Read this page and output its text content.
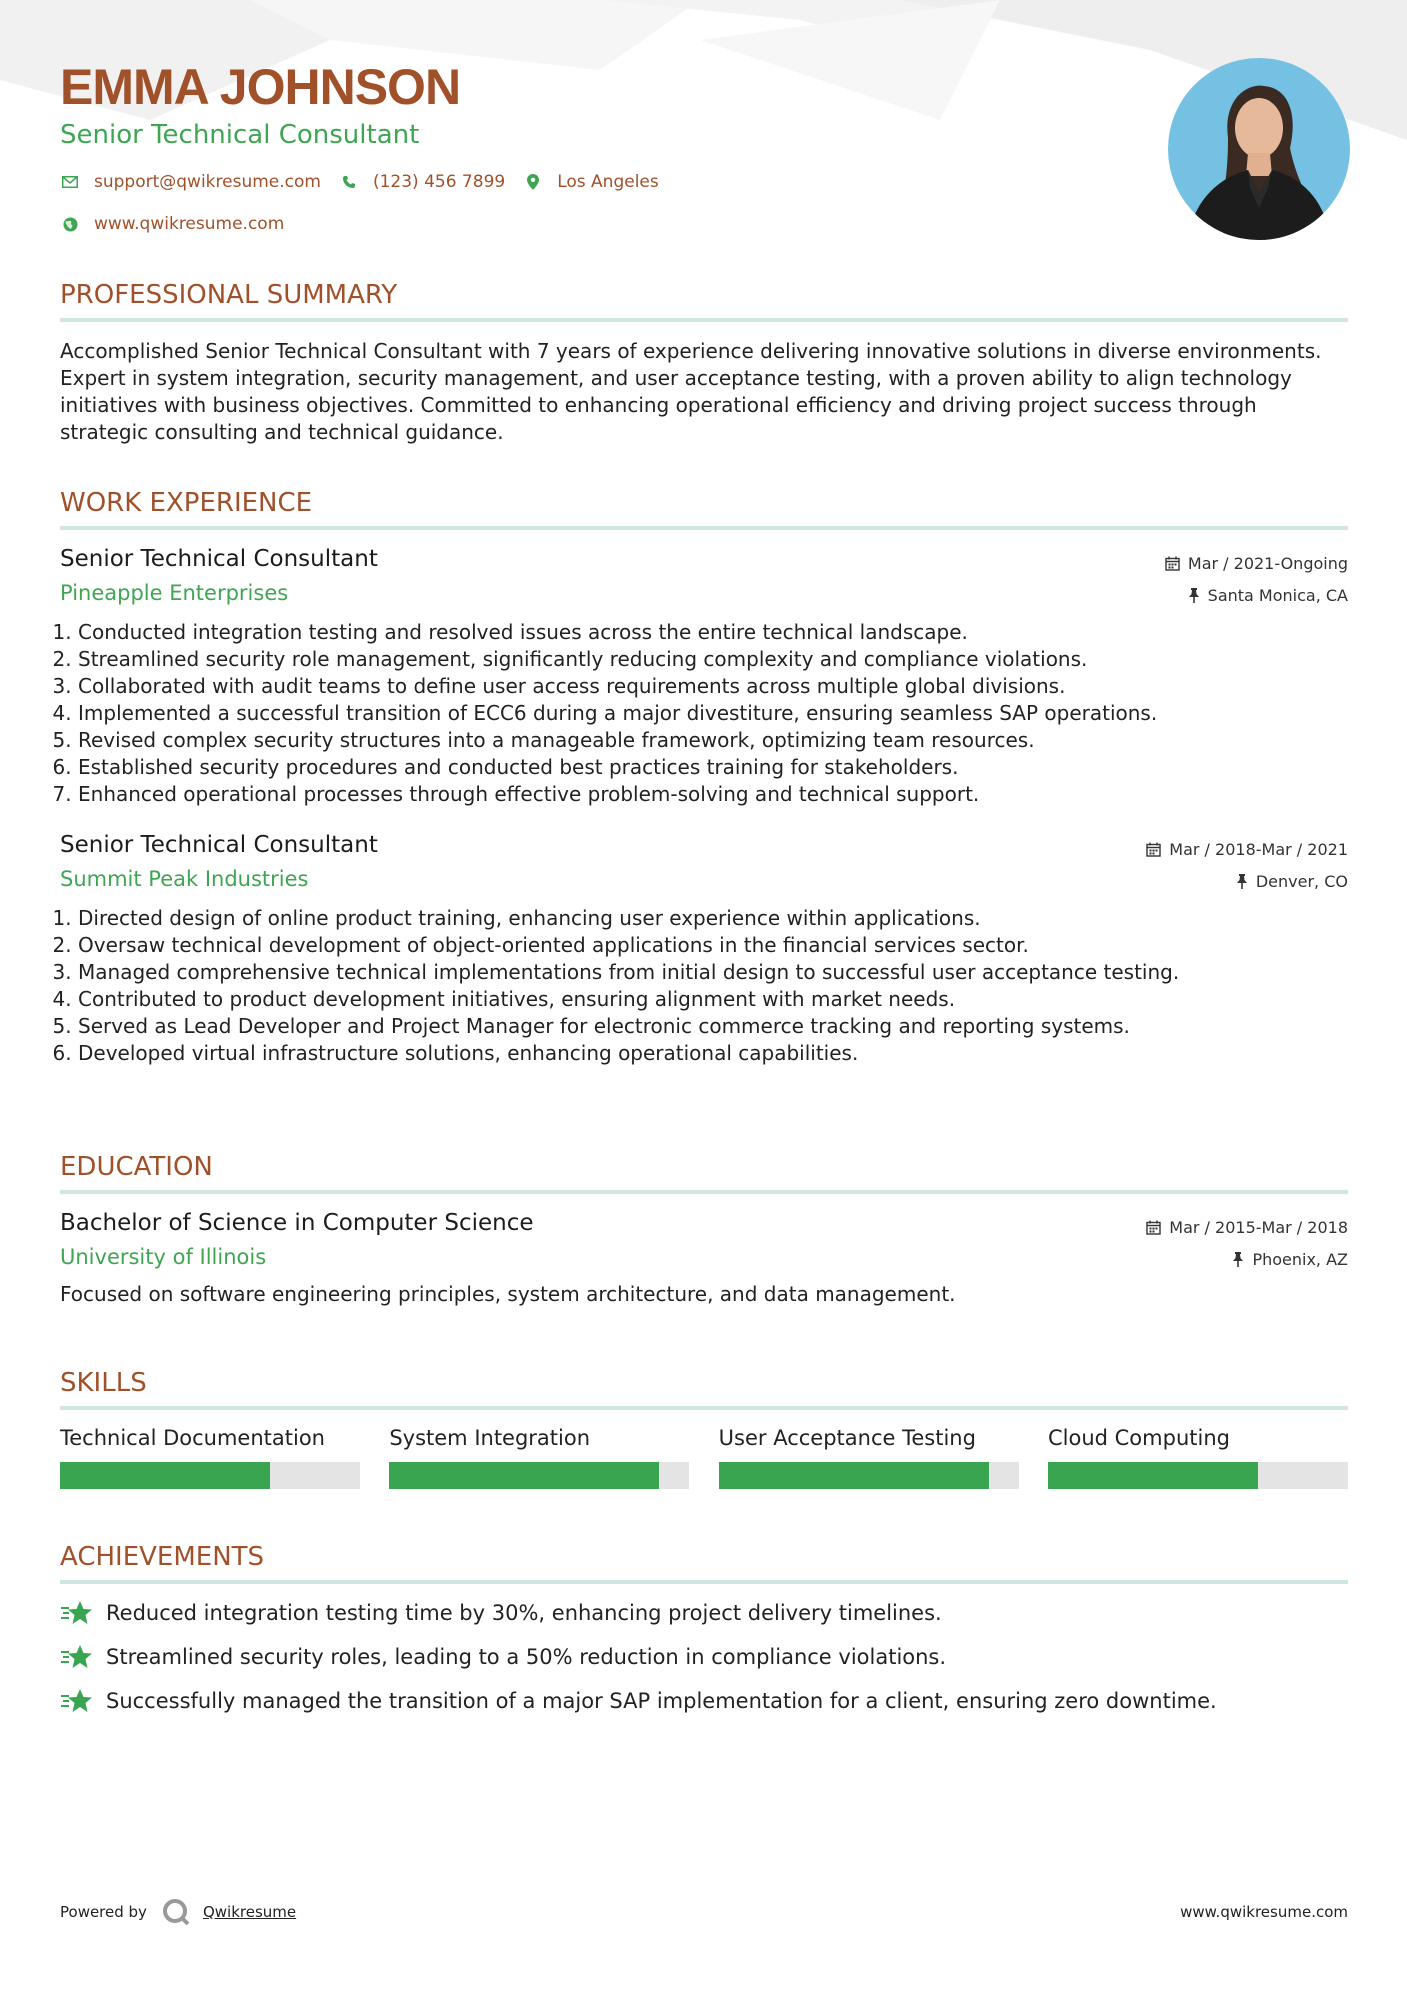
EMMA JOHNSON
Senior Technical Consultant
support@qwikresume.com	(123) 456 7899	Los Angeles
www.qwikresume.com
PROFESSIONAL SUMMARY
Accomplished Senior Technical Consultant with 7 years of experience delivering innovative solutions in diverse environments. Expert in system integration, security management, and user acceptance testing, with a proven ability to align technology initiatives with business objectives. Committed to enhancing operational efficiency and driving project success through strategic consulting and technical guidance.
WORK EXPERIENCE
Senior Technical Consultant
Pineapple Enterprises
Mar / 2021-Ongoing
Santa Monica, CA
1. Conducted integration testing and resolved issues across the entire technical landscape.
2. Streamlined security role management, significantly reducing complexity and compliance violations.
3. Collaborated with audit teams to define user access requirements across multiple global divisions.
4. Implemented a successful transition of ECC6 during a major divestiture, ensuring seamless SAP operations.
5. Revised complex security structures into a manageable framework, optimizing team resources.
6. Established security procedures and conducted best practices training for stakeholders.
7. Enhanced operational processes through effective problem-solving and technical support.
Senior Technical Consultant
Summit Peak Industries
Mar / 2018-Mar / 2021
Denver, CO
1. Directed design of online product training, enhancing user experience within applications.
2. Oversaw technical development of object-oriented applications in the financial services sector.
3. Managed comprehensive technical implementations from initial design to successful user acceptance testing.
4. Contributed to product development initiatives, ensuring alignment with market needs.
5. Served as Lead Developer and Project Manager for electronic commerce tracking and reporting systems.
6. Developed virtual infrastructure solutions, enhancing operational capabilities.
EDUCATION
Bachelor of Science in Computer Science
University of Illinois
Mar / 2015-Mar / 2018
Phoenix, AZ
Focused on software engineering principles, system architecture, and data management.
SKILLS
Technical Documentation	System Integration	User Acceptance Testing	Cloud Computing
ACHIEVEMENTS
Reduced integration testing time by 30%, enhancing project delivery timelines.
Streamlined security roles, leading to a 50% reduction in compliance violations.
Successfully managed the transition of a major SAP implementation for a client, ensuring zero downtime.
Powered by	Qwikresume	www.qwikresume.com
